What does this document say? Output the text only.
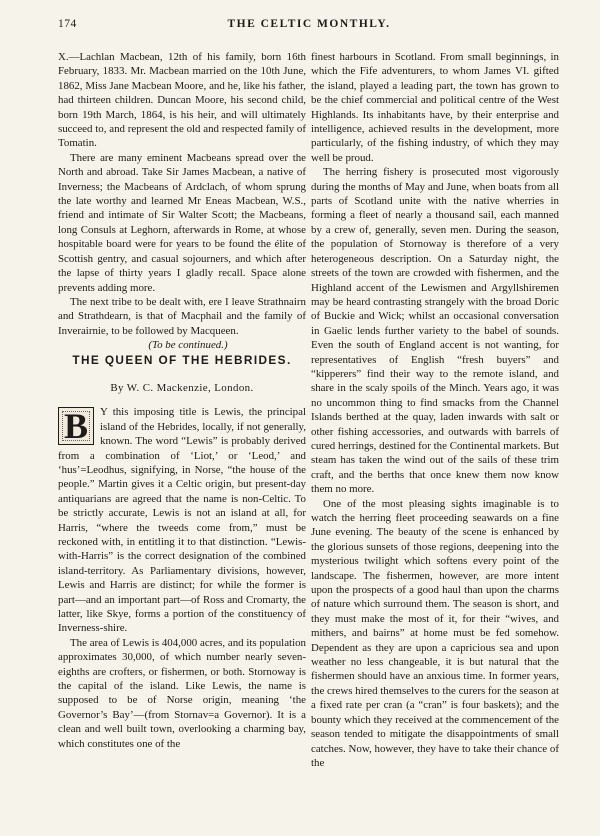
174	THE CELTIC MONTHLY.

X.—Lachlan Macbean, 12th of his family, born 16th February, 1833. Mr. Macbean married on the 10th June, 1862, Miss Jane Macbean Moore, and he, like his father, had thirteen children. Duncan Moore, his second child, born 19th March, 1864, is his heir, and will ultimately succeed to, and represent the old and respected family of Tomatin.

There are many eminent Macbeans spread over the North and abroad. Take Sir James Macbean, a native of Inverness; the Macbeans of Ardclach, of whom sprung the late worthy and learned Mr Eneas Macbean, W.S., friend and intimate of Sir Walter Scott; the Macbeans, long Consuls at Leghorn, afterwards in Rome, at whose hospitable board were for years to be found the élite of Scottish gentry, and casual sojourners, and which after the lapse of thirty years I gladly recall. Space alone prevents adding more.

The next tribe to be dealt with, ere I leave Strathnairn and Strathdearn, is that of Macphail and the family of Inverairnie, to be followed by Macqueen.

(To be continued.)

THE QUEEN OF THE HEBRIDES.
By W. C. Mackenzie, London.
B	Y this imposing title is Lewis, the principal island of the Hebrides, locally, if not generally, known. The word “Lewis” is probably derived from a combination of ‘Liot,’ or ‘Leod,’ and ‘hus’=Leodhus, signifying, in Norse, “the house of the people.” Martin gives it a Celtic origin, but present-day antiquarians are agreed that the name is non-Celtic. To be strictly accurate, Lewis is not an island at all, for Harris, “where the tweeds come from,” must be reckoned with, in entitling it to that distinction. “Lewis-with-Harris” is the correct designation of the combined island-territory. As Parliamentary divisions, however, Lewis and Harris are distinct; for while the former is part—and an important part—of Ross and Cromarty, the latter, like Skye, forms a portion of the constituency of Inverness-shire.

The area of Lewis is 404,000 acres, and its population approximates 30,000, of which number nearly seven-eighths are crofters, or fishermen, or both. Stornoway is the capital of the island. Like Lewis, the name is supposed to be of Norse origin, meaning ‘the Governor’s Bay’—(from Stornav=a Governor). It is a clean and well built town, overlooking a charming bay, which constitutes one of the

finest harbours in Scotland. From small beginnings, in which the Fife adventurers, to whom James VI. gifted the island, played a leading part, the town has grown to be the chief commercial and political centre of the West Highlands. Its inhabitants have, by their enterprise and intelligence, achieved results in the development, more particularly, of the fishing industry, of which they may well be proud.

The herring fishery is prosecuted most vigorously during the months of May and June, when boats from all parts of Scotland unite with the native wherries in forming a fleet of nearly a thousand sail, each manned by a crew of, generally, seven men. During the season, the population of Stornoway is therefore of a very heterogeneous description. On a Saturday night, the streets of the town are crowded with fishermen, and the Highland accent of the Lewismen and Argyllshiremen may be heard contrasting strangely with the broad Doric of Buckie and Wick; whilst an occasional conversation in Gaelic lends further variety to the babel of sounds. Even the south of England accent is not wanting, for representatives of English “fresh buyers” and “kipperers” find their way to the remote island, and share in the scaly spoils of the Minch. Years ago, it was no uncommon thing to find smacks from the Channel Islands berthed at the quay, laden inwards with salt or other fishing accessories, and outwards with barrels of cured herrings, destined for the Continental markets. But steam has taken the wind out of the sails of these trim craft, and the berths that once knew them now know them no more.

One of the most pleasing sights imaginable is to watch the herring fleet proceeding seawards on a fine June evening. The beauty of the scene is enhanced by the glorious sunsets of those regions, deepening into the mysterious twilight which softens every point of the landscape. The fishermen, however, are more intent upon the prospects of a good haul than upon the charms of nature which surround them. The season is short, and they must make the most of it, for their “wives, and mithers, and bairns” at home must be fed somehow. Dependent as they are upon a capricious sea and upon weather no less changeable, it is but natural that the fishermen should have an anxious time. In former years, the crews hired themselves to the curers for the season at a fixed rate per cran (a “cran” is four baskets); and the bounty which they received at the commencement of the season tended to mitigate the disappointments of small catches. Now, however, they have to take their chance of the
